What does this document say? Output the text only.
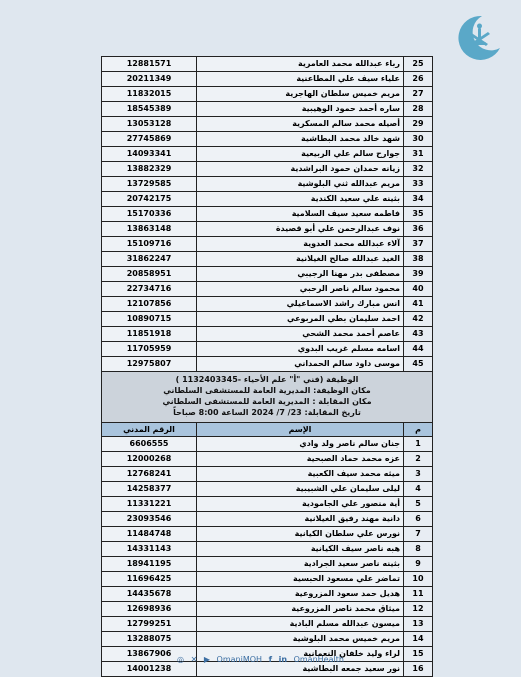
12881571	رباء عبدالله محمد العامرية	25
20211349	علياء سيف علي المطاعنية	26
11832015	مريم خميس سلطان الهاجرية	27
18545389	ساره أحمد حمود الوهيبية	28
13053128	أصيله محمد سالم المسكرية	29
27745869	شهد خالد محمد البطاشية	30
14093341	جوارح سالم علي الربيعية	31
13882329	زيانه حمدان حمود البراشدية	32
13729585	مريم عبدالله ثني البلوشية	33
20742175	بثينه علي سعيد الكندية	34
15170336	فاطمه سعيد سيف السلامية	35
13863148	نوف عبدالرحمن علي أبو قصيدة	36
15109716	آلاء عبدالله محمد العدوية	37
31862247	الغيد عبدالله صالح الغيلانية	38
20858951	مصطفى بدر مهنا الرجيبي	39
22734716	محمود سالم ناصر الرحبي	40
12107856	انس مبارك راشد الاسماعيلي	41
10890715	احمد سليمان بطي المربوعي	42
11851918	عاصم أحمد محمد الشحي	43
11705959	اسامه مسلم غريب البدوي	44
12975807	موسى داود سالم الحمداني	45
الوظيفة (فني "أ" علم الأحياء -1132403345 )
مكان الوظيفة: المديرية العامة للمستشفى السلطاني
مكان المقابلة : المديرية العامة للمستشفى السلطاني
تاريخ المقابلة: 23/ 7/ 2024 الساعة 8:00 صباحاً
الرقم المدني	الإسم	م
6606555	جنان سالم ناصر ولد وادي	1
12000268	عزه محمد حماد الصبحية	2
12768241	ميثه محمد سيف الكعبية	3
14258377	ليلى سليمان علي الشبيبية	4
11331221	أية منصور علي الجامودية	5
23093546	دانية مهند رفيق الغيلانية	6
11484748	نورس علي سلطان الكيانية	7
14331143	هبه ناصر سيف الكيانية	8
18941195	بثينه ناصر سعيد الجرادية	9
11696425	تماضر علي مسعود الحبسية	10
14435678	هديل حمد سعود المزروعية	11
12698936	ميثاق محمد ناصر المزروعية	12
12799251	ميسون عبدالله مسلم البادية	13
13288075	مريم خميس محمد البلوشية	14
13867906	لراء وليد خلفان النعمانية	15
14001238	نور سعيد جمعه البطاشية	16
◎ ✕ ▶ OmaniMOH f in OmanHealth
